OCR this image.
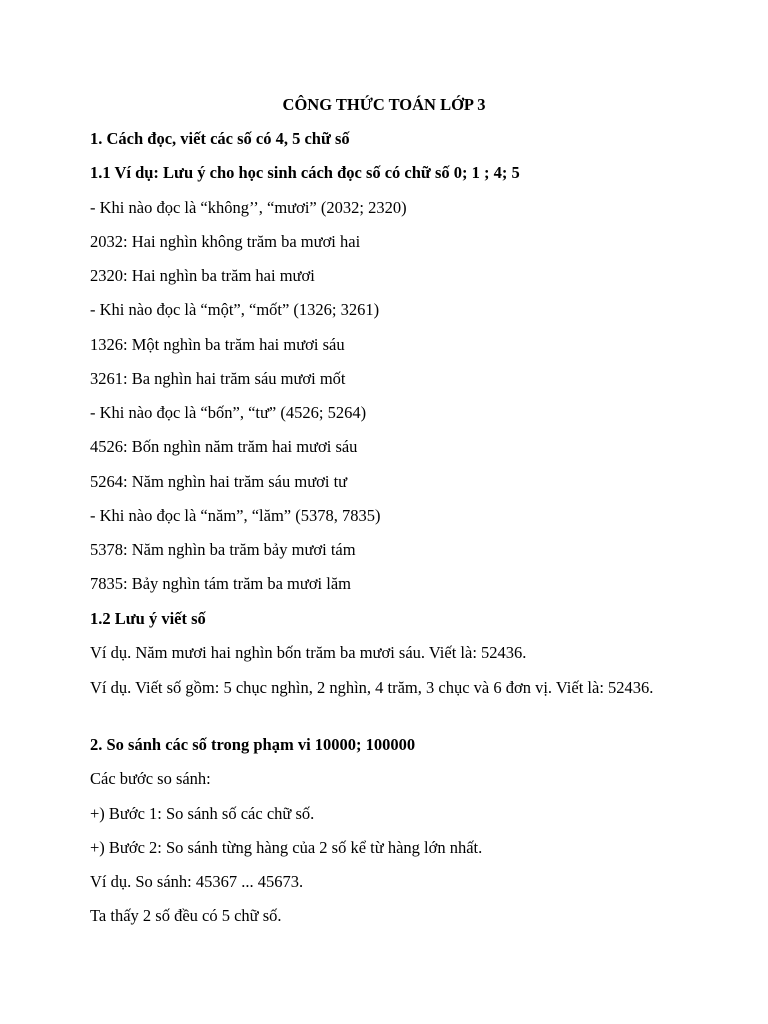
CÔNG THỨC TOÁN LỚP 3
1. Cách đọc, viết các số có 4, 5 chữ số
1.1 Ví dụ: Lưu ý cho học sinh cách đọc số có chữ số 0; 1 ; 4; 5
- Khi nào đọc là “không’’, “mươi” (2032; 2320)
2032: Hai nghìn không trăm ba mươi hai
2320: Hai nghìn ba trăm hai mươi
- Khi nào đọc là “một”, “mốt” (1326; 3261)
1326: Một nghìn ba trăm hai mươi sáu
3261: Ba nghìn hai trăm sáu mươi mốt
- Khi nào đọc là “bốn”, “tư” (4526; 5264)
4526: Bốn nghìn năm trăm hai mươi sáu
5264: Năm nghìn hai trăm sáu mươi tư
- Khi nào đọc là “năm”, “lăm” (5378, 7835)
5378: Năm nghìn ba trăm bảy mươi tám
7835: Bảy nghìn tám trăm ba mươi lăm
1.2 Lưu ý viết số
Ví dụ. Năm mươi hai nghìn bốn trăm ba mươi sáu. Viết là: 52436.
Ví dụ. Viết số gồm: 5 chục nghìn, 2 nghìn, 4 trăm, 3 chục và 6 đơn vị. Viết là: 52436.
2. So sánh các số trong phạm vi 10000; 100000
Các bước so sánh:
+) Bước 1: So sánh số các chữ số.
+) Bước 2: So sánh từng hàng của 2 số kể từ hàng lớn nhất.
Ví dụ. So sánh: 45367 ... 45673.
Ta thấy 2 số đều có 5 chữ số.
